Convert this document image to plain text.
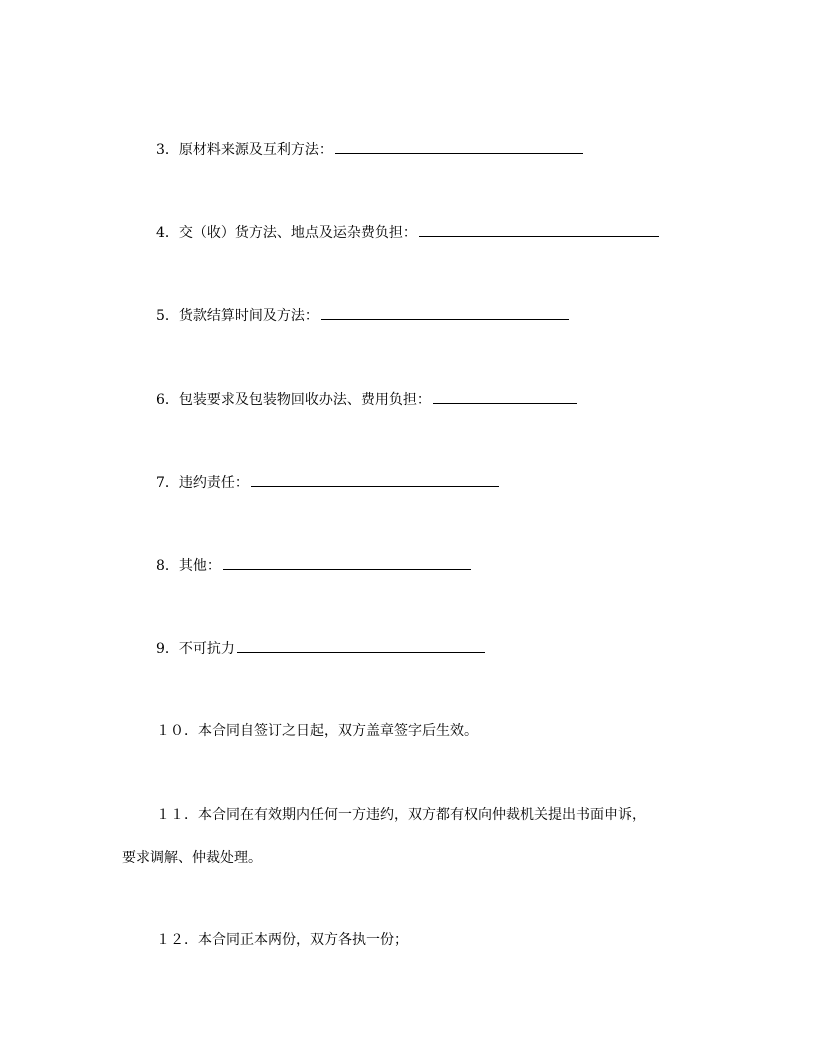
3．原材料来源及互利方法：
4．交（收）货方法、地点及运杂费负担：
5．货款结算时间及方法：
6．包装要求及包装物回收办法、费用负担：
7．违约责任：
8．其他：
9．不可抗力
１０．本合同自签订之日起，双方盖章签字后生效。
１１．本合同在有效期内任何一方违约，双方都有权向仲裁机关提出书面申诉，
要求调解、仲裁处理。
１２．本合同正本两份，双方各执一份；
